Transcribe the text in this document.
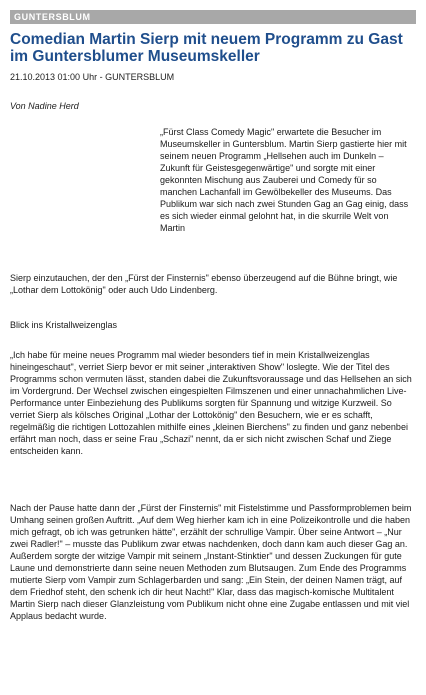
GUNTERSBLUM
Comedian Martin Sierp mit neuem Programm zu Gast im Guntersblumer Museumskeller
21.10.2013 01:00 Uhr - GUNTERSBLUM
Von Nadine Herd

„Fürst Class Comedy Magic" erwartete die Besucher im Museumskeller in Guntersblum. Martin Sierp gastierte hier mit seinem neuen Programm „Hellsehen auch im Dunkeln – Zukunft für Geistesgegenwärtige" und sorgte mit einer gekonnten Mischung aus Zauberei und Comedy für so manchen Lachanfall im Gewölbekeller des Museums. Das Publikum war sich nach zwei Stunden Gag an Gag einig, dass es sich wieder einmal gelohnt hat, in die skurrile Welt von Martin

Sierp einzutauchen, der den „Fürst der Finsternis" ebenso überzeugend auf die Bühne bringt, wie „Lothar dem Lottokönig" oder auch Udo Lindenberg.

Blick ins Kristallweizenglas

„Ich habe für meine neues Programm mal wieder besonders tief in mein Kristallweizenglas hineingeschaut", verriet Sierp bevor er mit seiner „interaktiven Show" loslegte. Wie der Titel des Programms schon vermuten lässt, standen dabei die Zukunftsvoraussage und das Hellsehen an sich im Vordergrund. Der Wechsel zwischen eingespielten Filmszenen und einer unnachahmlichen Live-Performance unter Einbeziehung des Publikums sorgten für Spannung und witzige Kurzweil. So verriet Sierp als kölsches Original „Lothar der Lottokönig" den Besuchern, wie er es schafft, regelmäßig die richtigen Lottozahlen mithilfe eines „kleinen Bierchens" zu finden und ganz nebenbei erfährt man noch, dass er seine Frau „Schazi" nennt, da er sich nicht zwischen Schaf und Ziege entscheiden kann.

Nach der Pause hatte dann der „Fürst der Finsternis" mit Fistelstimme und Passformproblemen beim Umhang seinen großen Auftritt. „Auf dem Weg hierher kam ich in eine Polizeikontrolle und die haben mich gefragt, ob ich was getrunken hätte", erzählt der schrullige Vampir. Über seine Antwort – „Nur zwei Radler!" – musste das Publikum zwar etwas nachdenken, doch dann kam auch dieser Gag an. Außerdem sorgte der witzige Vampir mit seinem „Instant-Stinktier" und dessen Zuckungen für gute Laune und demonstrierte dann seine neuen Methoden zum Blutsaugen. Zum Ende des Programms mutierte Sierp vom Vampir zum Schlagerbarden und sang: „Ein Stein, der deinen Namen trägt, auf dem Friedhof steht, den schenk ich dir heut Nacht!" Klar, dass das magisch-komische Multitalent Martin Sierp nach dieser Glanzleistung vom Publikum nicht ohne eine Zugabe entlassen und mit viel Applaus bedacht wurde.
